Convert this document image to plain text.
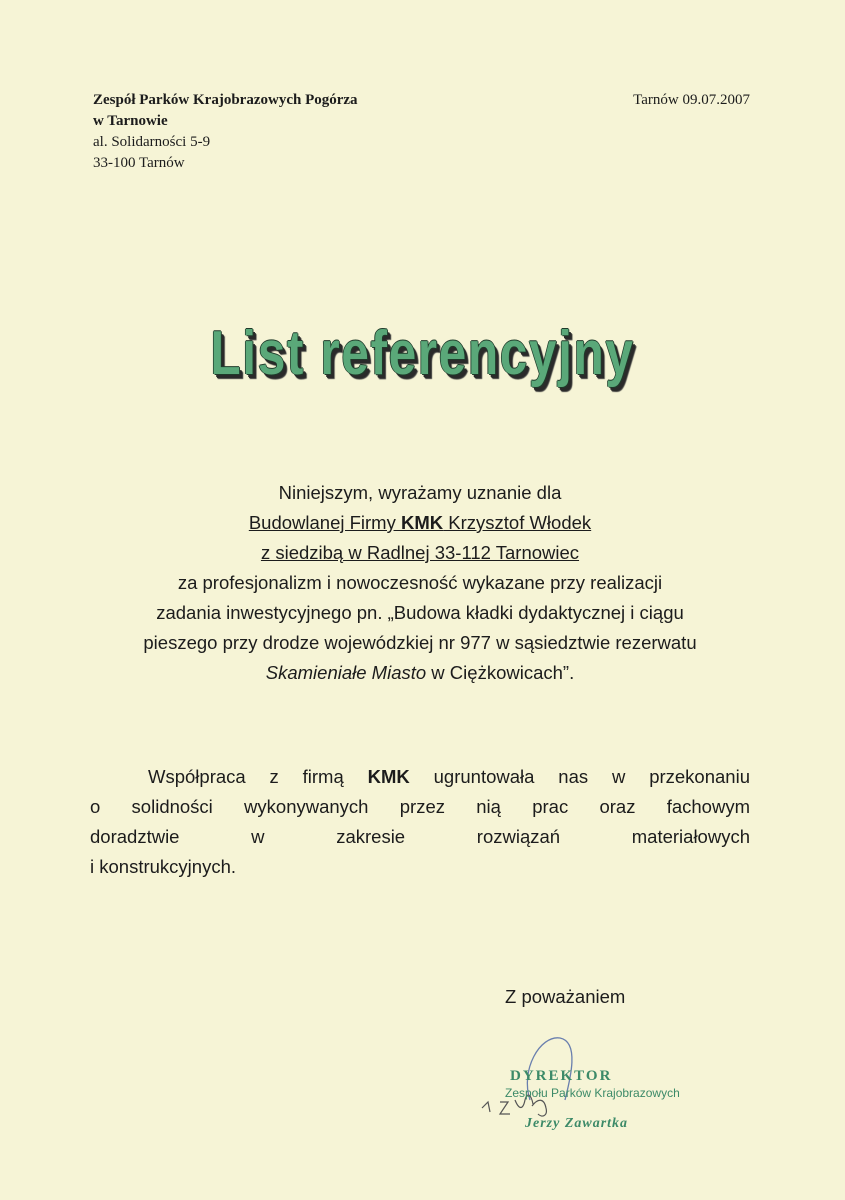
Zespół Parków Krajobrazowych Pogórza
w Tarnowie
al. Solidarności 5-9
33-100 Tarnów
Tarnów 09.07.2007
List referencyjny
Niniejszym, wyrażamy uznanie dla
Budowlanej Firmy KMK Krzysztof Włodek
z siedzibą w Radlnej 33-112 Tarnowiec
za profesjonalizm i nowoczesność wykazane przy realizacji
zadania inwestycyjnego pn. „Budowa kładki dydaktycznej i ciągu
pieszego przy drodze wojewódzkiej nr 977 w sąsiedztwie rezerwatu
Skamieniałe Miasto w Ciężkowicach”.
Współpraca z firmą KMK ugruntowała nas w przekonaniu
o solidności wykonywanych przez nią prac oraz fachowym
doradztwie w zakresie rozwiązań materiałowych
i konstrukcyjnych.
Z poważaniem
DYREKTOR
Zespołu Parków Krajobrazowych
Jerzy Zawartka
